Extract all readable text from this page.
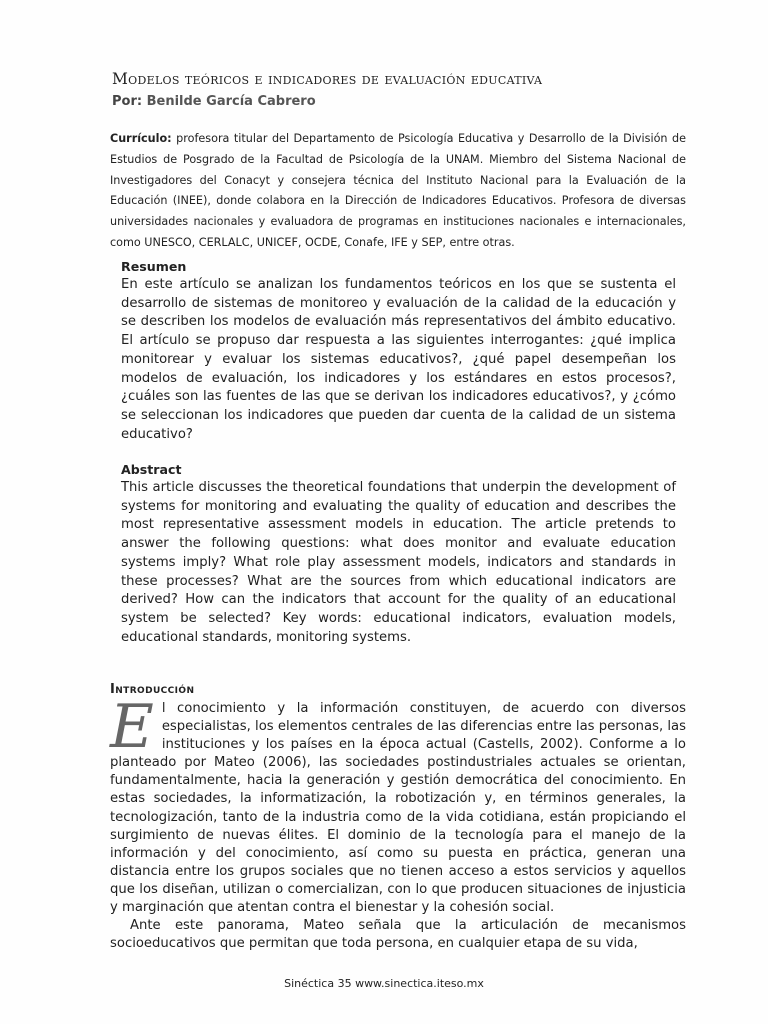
Modelos teóricos e indicadores de evaluación educativa
Por: Benilde García Cabrero
Currículo: profesora titular del Departamento de Psicología Educativa y Desarrollo de la División de Estudios de Posgrado de la Facultad de Psicología de la UNAM. Miembro del Sistema Nacional de Investigadores del Conacyt y consejera técnica del Instituto Nacional para la Evaluación de la Educación (INEE), donde colabora en la Dirección de Indicadores Educativos. Profesora de diversas universidades nacionales y evaluadora de programas en instituciones nacionales e internacionales, como UNESCO, CERLALC, UNICEF, OCDE, Conafe, IFE y SEP, entre otras.
Resumen
En este artículo se analizan los fundamentos teóricos en los que se sustenta el desarrollo de sistemas de monitoreo y evaluación de la calidad de la educación y se describen los modelos de evaluación más representativos del ámbito educativo. El artículo se propuso dar respuesta a las siguientes interrogantes: ¿qué implica monitorear y evaluar los sistemas educativos?, ¿qué papel desempeñan los modelos de evaluación, los indicadores y los estándares en estos procesos?, ¿cuáles son las fuentes de las que se derivan los indicadores educativos?, y ¿cómo se seleccionan los indicadores que pueden dar cuenta de la calidad de un sistema educativo?
Abstract
This article discusses the theoretical foundations that underpin the development of systems for monitoring and evaluating the quality of education and describes the most representative assessment models in education. The article pretends to answer the following questions: what does monitor and evaluate education systems imply? What role play assessment models, indicators and standards in these processes? What are the sources from which educational indicators are derived? How can the indicators that account for the quality of an educational system be selected? Key words: educational indicators, evaluation models, educational standards, monitoring systems.
Introducción
El conocimiento y la información constituyen, de acuerdo con diversos especialistas, los elementos centrales de las diferencias entre las personas, las instituciones y los países en la época actual (Castells, 2002). Conforme a lo planteado por Mateo (2006), las sociedades postindustriales actuales se orientan, fundamentalmente, hacia la generación y gestión democrática del conocimiento. En estas sociedades, la informatización, la robotización y, en términos generales, la tecnologización, tanto de la industria como de la vida cotidiana, están propiciando el surgimiento de nuevas élites. El dominio de la tecnología para el manejo de la información y del conocimiento, así como su puesta en práctica, generan una distancia entre los grupos sociales que no tienen acceso a estos servicios y aquellos que los diseñan, utilizan o comercializan, con lo que producen situaciones de injusticia y marginación que atentan contra el bienestar y la cohesión social.
Ante este panorama, Mateo señala que la articulación de mecanismos socioeducativos que permitan que toda persona, en cualquier etapa de su vida,
Sinéctica 35 www.sinectica.iteso.mx
